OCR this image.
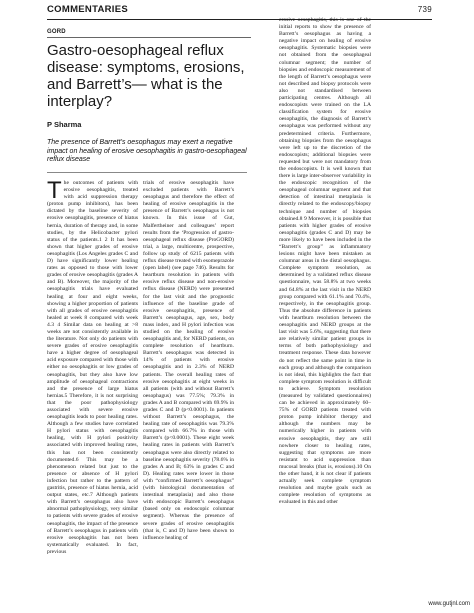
COMMENTARIES	739
GORD
Gastro-oesophageal reflux disease: symptoms, erosions, and Barrett’s— what is the interplay?
P Sharma
The presence of Barrett’s oesophagus may exert a negative impact on healing of erosive oesophagitis in gastro-oesophageal reflux disease

The outcomes of patients with erosive oesophagitis, treated with acid suppression therapy (proton pump inhibitors), has been dictated by the baseline severity of erosive oesophagitis, presence of hiatus hernia, duration of therapy and, in some studies, by the Helicobacter pylori status of the patients.1 2 It has been shown that higher grades of erosive oesophagitis (Los Angeles grades C and D) have significantly lower healing rates as opposed to those with lower grades of erosive oesophagitis (grades A and B). Moreover, the majority of the oesophagitis trials have evaluated healing at four and eight weeks, showing a higher proportion of patients with all grades of erosive oesophagitis healed at week 8 compared with week 4.3 4 Similar data on healing at >8 weeks are not consistently available in the literature. Not only do patients with severe grades of erosive oesophagitis have a higher degree of oesophageal acid exposure compared with those with either no oesophagitis or low grades of oesophagitis, but they also have low amplitude of oesophageal contractions and the presence of large hiatus hernias.5 Therefore, it is not surprising that the poor pathophysiology associated with severe erosive oesophagitis leads to poor healing rates. Although a few studies have correlated H pylori status with oesophagitis healing, with H pylori positivity associated with improved healing rates, this has not been consistently documented.6 This may be a phenomenon related but just to the presence or absence of H pylori infection but rather to the pattern of gastritis, presence of hiatus hernia, acid output states, etc.7 Although patients with Barrett’s oesophagus also have abnormal pathophysiology, very similar to patients with severe grades of erosive oesophagitis, the impact of the presence of Barrett’s oesophagus in patients with erosive oesophagitis has not been systematically evaluated. In fact, previous

trials of erosive oesophagitis have excluded patients with Barrett’s oesophagus and therefore the effect of healing of erosive oesophagitis in the presence of Barrett’s oesophagus is not known. In this issue of Gut, Malfertheiner and colleagues’ report results from the ‘Progression of gastro-oesophageal reflux disease (ProGORD) trial, a large, multicentre, prospective, follow up study of 6215 patients with reflux disease treated with esomeprazole (open label) (see page 746). Results for heartburn resolution in patients with erosive reflux disease and non-erosive reflux disease (NERD) were presented for the last visit and the prognostic influence of the baseline grade of erosive oesophagitis, presence of Barrett’s oesophagus, age, sex, body mass index, and H pylori infection was studied on the healing of erosive oesophagitis and, for NERD patients, on complete resolution of heartburn. Barrett’s oesophagus was detected in 14% of patients with erosive oesophagitis and in 2.3% of NERD patients. The overall healing rates of erosive oesophagitis at eight weeks in all patients (with and without Barrett’s oesophagus) was 77.5%; 79.3% in grades A and B compared with 69.9% in grades C and D (p<0.0001). In patients without Barrett’s oesophagus, the healing rate of oesophagitis was 79.3% compared with 66.7% in those with Barrett’s (p<0.0001). These eight week healing rates in patients with Barrett’s oesophagus were also directly related to baseline oesophagitis severity (78.6% in grades A and B; 63% in grades C and D). Healing rates were lower in those with “confirmed Barrett’s oesophagus” (with histological documentation of intestinal metaplasia) and also those with endoscopic Barrett’s oesophagus (based only on endoscopic columnar segment). Whereas the presence of severe grades of erosive oesophagitis (that is, C and D) have been shown to influence healing of

erosive oesophagitis, this is one of the initial reports to show the presence of Barrett’s oesophagus as having a negative impact on healing of erosive oesophagitis. Systematic biopsies were not obtained from the oesophageal columnar segment; the number of biopsies and endoscopic measurement of the length of Barrett’s oesophagus were not described and biopsy protocols were also not standardised between participating centres. Although all endoscopists were trained on the LA classification system for erosive oesophagitis, the diagnosis of Barrett’s oesophagus was performed without any predetermined criteria. Furthermore, obtaining biopsies from the oesophagus were left up to the discretion of the endoscopists; additional biopsies were requested but were not mandatory from the endoscopists. It is well known that there is large inter-observer variability in the endoscopic recognition of the oesophageal columnar segment and that detection of intestinal metaplasia is directly related to the endoscopy/biopsy technique and number of biopsies obtained.8 9 Moreover, it is possible that patients with higher grades of erosive oesophagitis (grades C and D) may be more likely to have been included in the “Barrett’s group” as inflammatory lesions might have been mistaken as columnar areas in the distal oesophagus. Complete symptom resolution, as determined by a validated reflux disease questionnaire, was 58.8% at two weeks and 64.8% at the last visit in the NERD group compared with 61.1% and 70.4%, respectively, in the oesophagitis group. Thus the absolute difference in patients with heartburn resolution between the oesophagitis and NERD groups at the last visit was 5.6%, suggesting that there are relatively similar patient groups in terms of both pathophysiology and treatment response. These data however do not reflect the same point in time in each group and although the comparison is not ideal, this highlights the fact that complete symptom resolution is difficult to achieve. Symptom resolution (measured by validated questionnaires) can be achieved in approximately 60–75% of GORD patients treated with proton pump inhibitor therapy and although the numbers may be numerically higher in patients with erosive oesophagitis, they are still nowhere closer to healing rates, suggesting that symptoms are more resistant to acid suppression than mucosal breaks (that is, erosions).10 On the other hand, it is not clear if patients actually seek complete symptom resolution and maybe goals such as complete resolution of symptoms as evaluated in this and other

www.gutjnl.com
